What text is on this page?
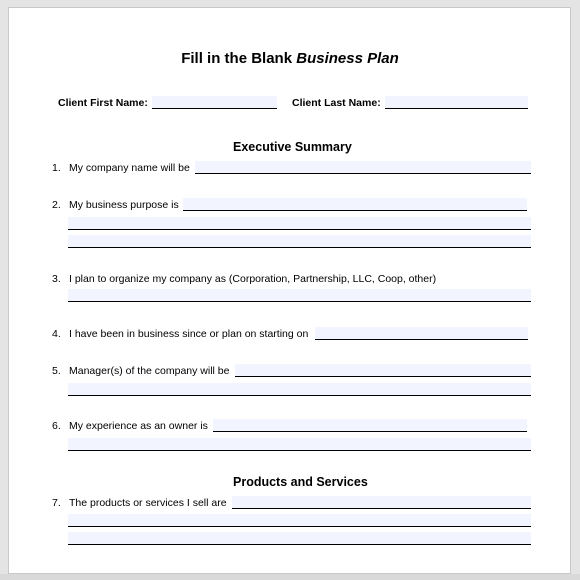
Fill in the Blank Business Plan
Client First Name:	Client Last Name:
Executive Summary
1. My company name will be
2. My business purpose is
3. I plan to organize my company as (Corporation, Partnership, LLC, Coop, other)
4. I have been in business since or plan on starting on
5. Manager(s) of the company will be
6. My experience as an owner is
Products and Services
7. The products or services I sell are
